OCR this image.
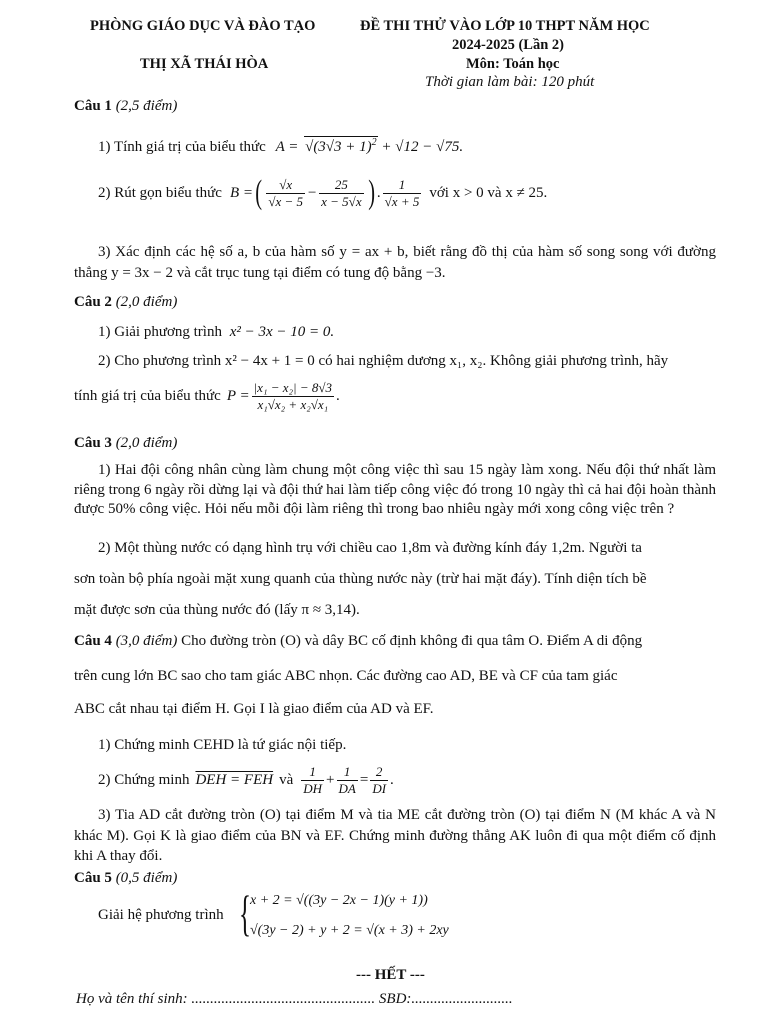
PHÒNG GIÁO DỤC VÀ ĐÀO TẠO
THỊ XÃ THÁI HÒA
ĐỀ THI THỬ VÀO LỚP 10 THPT NĂM HỌC
2024-2025 (Lần 2)
Môn: Toán học
Thời gian làm bài: 120 phút
Câu 1 (2,5 điểm)
1) Tính giá trị của biểu thức $A = √(3√3 + 1)^2 + √12 - √75$.
2) Rút gọn biểu thức B = ( $\frac{√x}{√x - 5} - \frac{25}{x - 5√x}$ ) . $\frac{1}{√x + 5}$ với x > 0 và x ≠ 25.
3) Xác định các hệ số a, b của hàm số y = ax + b, biết rằng đồ thị của hàm số song song với đường thẳng y = 3x − 2 và cắt trục tung tại điểm có tung độ bằng −3.
Câu 2 (2,0 điểm)
1) Giải phương trình x² − 3x − 10 = 0.
2) Cho phương trình x² − 4x + 1 = 0 có hai nghiệm dương x₁, x₂. Không giải phương trình, hãy
tính giá trị của biểu thức $P = \frac{\text{|x₁ − x₂| − 8√3}}{\text{x₁√x₂ + x₂√x₁}}$ .
Câu 3 (2,0 điểm)
1) Hai đội công nhân cùng làm chung một công việc thì sau 15 ngày làm xong. Nếu đội thứ nhất làm riêng trong 6 ngày rồi dừng lại và đội thứ hai làm tiếp công việc đó trong 10 ngày thì cả hai đội hoàn thành được 50% công việc. Hỏi nếu mỗi đội làm riêng thì trong bao nhiêu ngày mới xong công việc trên ?
2) Một thùng nước có dạng hình trụ với chiều cao 1,8m và đường kính đáy 1,2m. Người ta
sơn toàn bộ phía ngoài mặt xung quanh của thùng nước này (trừ hai mặt đáy). Tính diện tích bề
mặt được sơn của thùng nước đó (lấy π ≈ 3,14).
Câu 4 (3,0 điểm) Cho đường tròn (O) và dây BC cố định không đi qua tâm O. Điểm A di động
trên cung lớn BC sao cho tam giác ABC nhọn. Các đường cao AD, BE và CF của tam giác
ABC cắt nhau tại điểm H. Gọi I là giao điểm của AD và EF.
1) Chứng minh CEHD là tứ giác nội tiếp.
2) Chứng minh DEH = FEH và $\frac{1}{DH} + \frac{1}{DA} = \frac{2}{DI}$ .
3) Tia AD cắt đường tròn (O) tại điểm M và tia ME cắt đường tròn (O) tại điểm N (M khác A và N khác M). Gọi K là giao điểm của BN và EF. Chứng minh đường thẳng AK luôn đi qua một điểm cố định khi A thay đổi.
Câu 5 (0,5 điểm)
Giải hệ phương trình { x + 2 = √((3y − 2x − 1)(y + 1))
√(3y − 2) + y + 2 = √(x + 3) + 2xy
--- HẾT ---
Họ và tên thí sinh: ................................................. SBD:...........................
